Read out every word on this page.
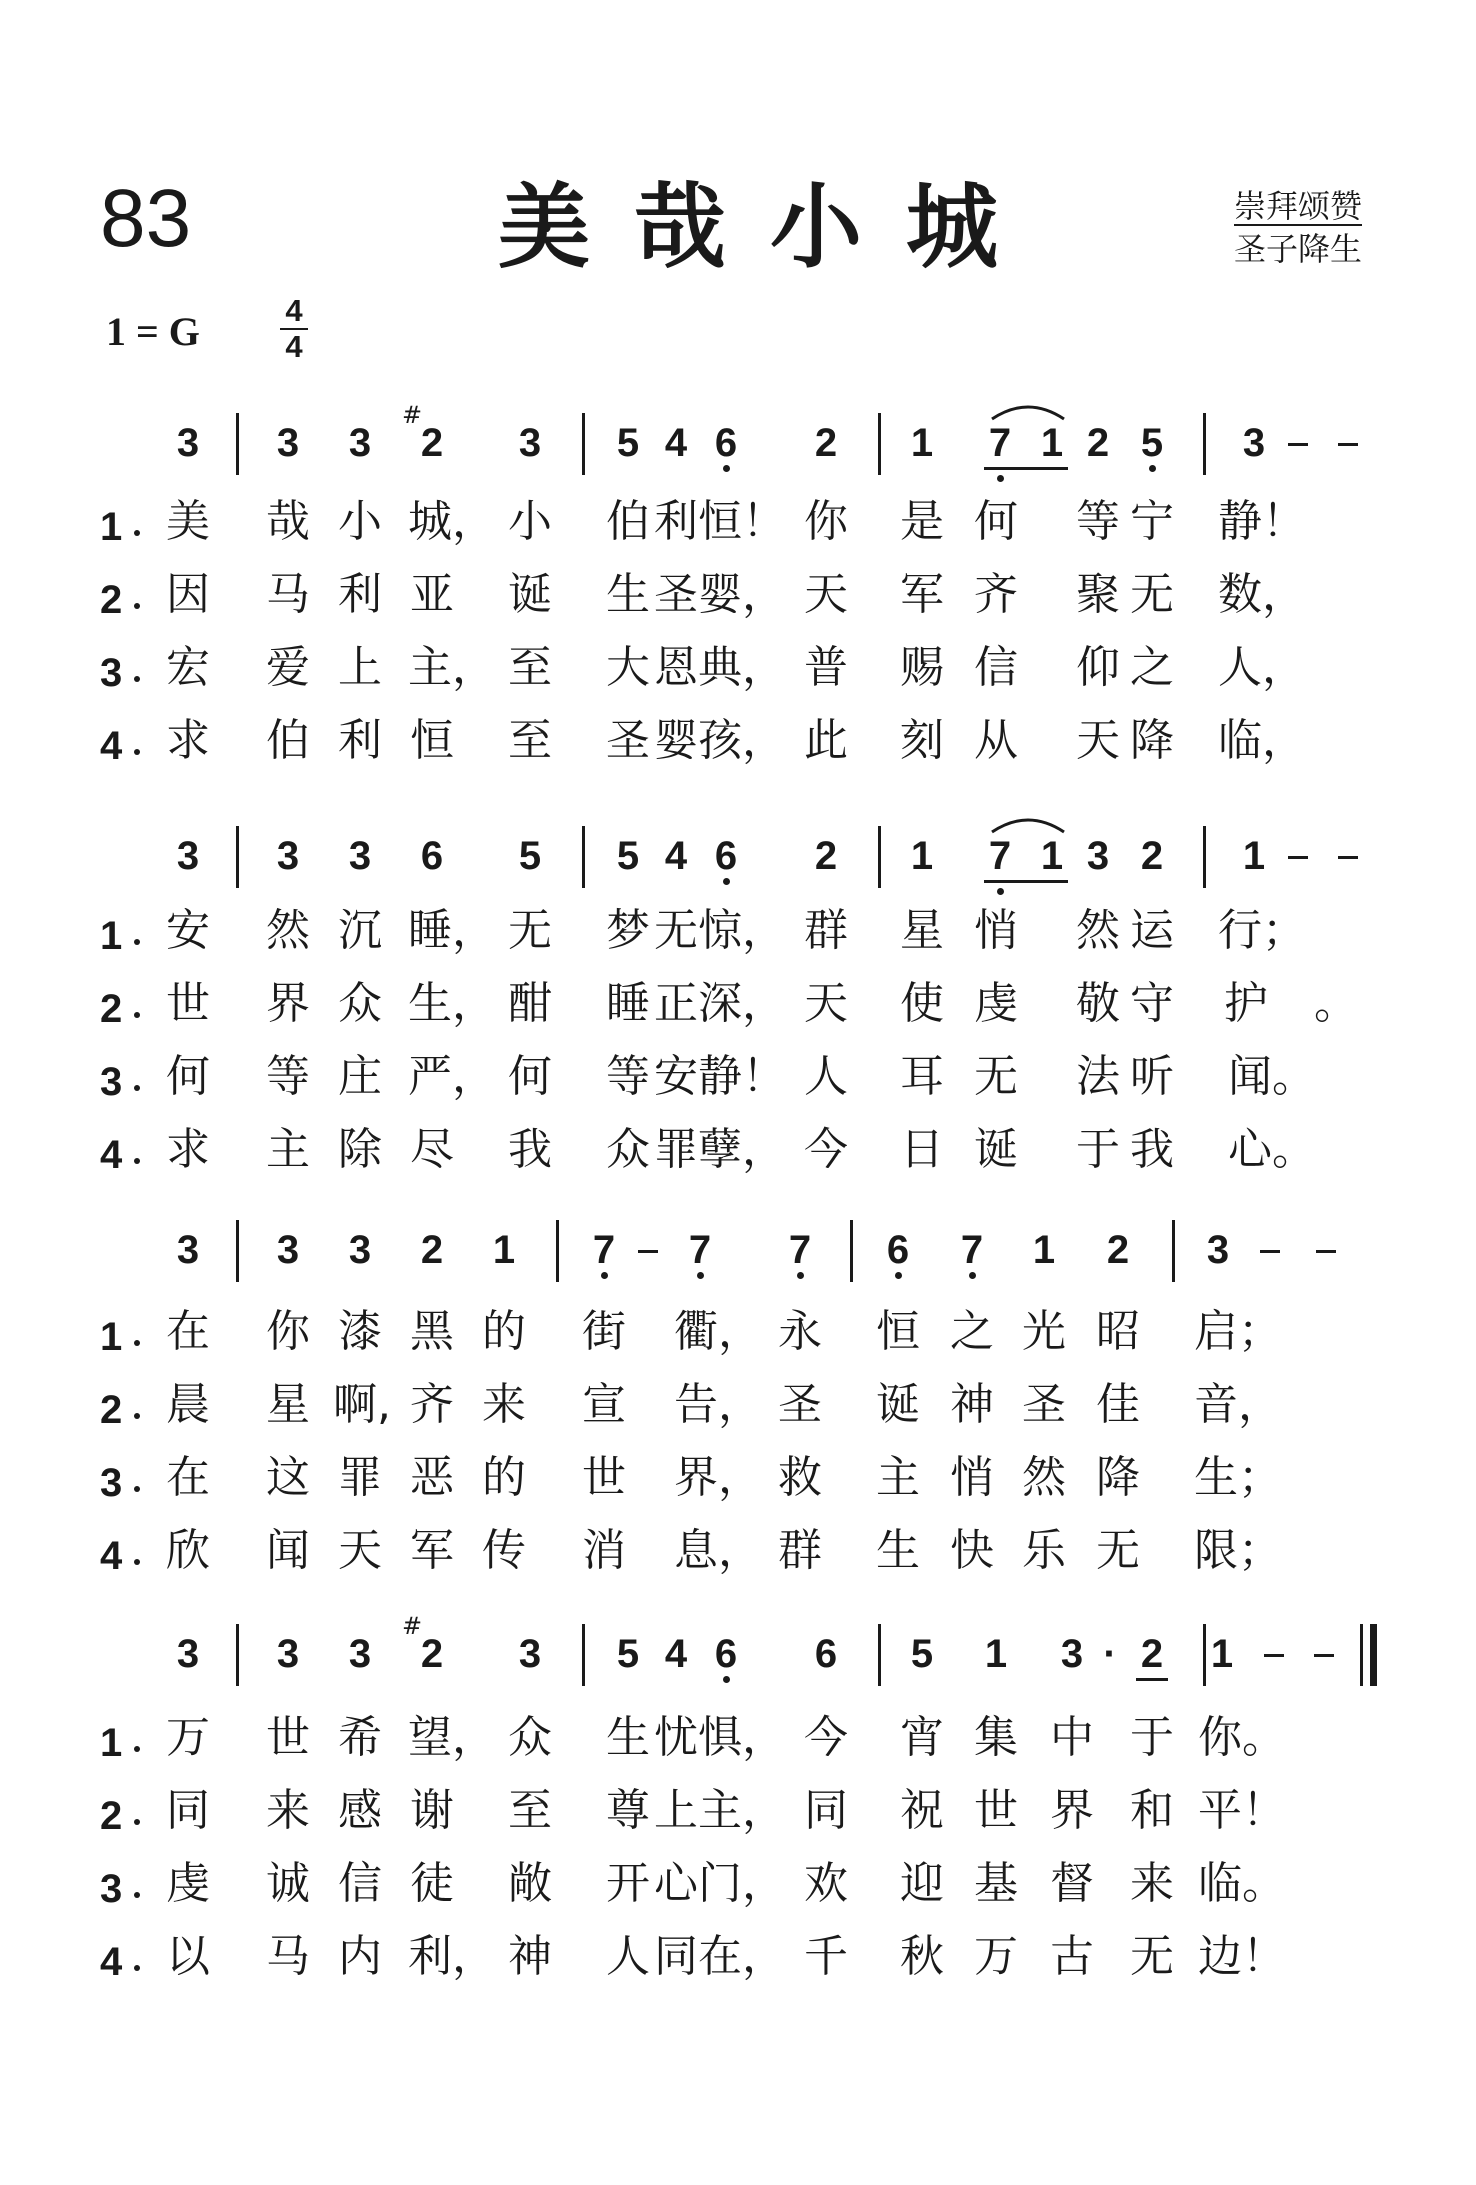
83	美哉小城	崇拜颂赞
圣子降生
1 = G	4
4
3 3 3
#
2 3 5 4 6 2 1 7 1 2 5 3
1 美 哉 小 城， 小 伯 利 恒！ 你 是 何 等 宁 静！
2 因 马 利 亚 诞 生 圣 婴， 天 军 齐 聚 无 数，
3 宏 爱 上 主， 至 大 恩 典， 普 赐 信 仰 之 人，
4 求 伯 利 恒 至 圣 婴 孩， 此 刻 从 天 降 临，
3 3 3 6 5 5 4 6 2 1 7 1 3 2 1
1 安 然 沉 睡， 无 梦 无 惊， 群 星 悄 然 运 行；
2 世 界 众 生， 酣 睡 正 深， 天 使 虔 敬 守 护 。
3 何 等 庄 严， 何 等 安 静！ 人 耳 无 法 听 闻。
4 求 主 除 尽 我 众 罪 孽， 今 日 诞 于 我 心。
3 3 3 2 1 7 7 7 6 7 1 2 3
1 在 你 漆 黑 的 街 衢， 永 恒 之 光 昭 启；
2 晨 星 啊, 齐 来 宣 告， 圣 诞 神 圣 佳 音，
3 在 这 罪 恶 的 世 界， 救 主 悄 然 降 生；
4 欣 闻 天 军 传 消 息， 群 生 快 乐 无 限；
3 3 3
#
2 3 5 4 6 6 5 1 3 · 2 1
1 万 世 希 望， 众 生 忧 惧， 今 宵 集 中 于 你。
2 同 来 感 谢 至 尊 上 主， 同 祝 世 界 和 平！
3 虔 诚 信 徒 敞 开 心 门， 欢 迎 基 督 来 临。
4 以 马 内 利， 神 人 同 在， 千 秋 万 古 无 边！
